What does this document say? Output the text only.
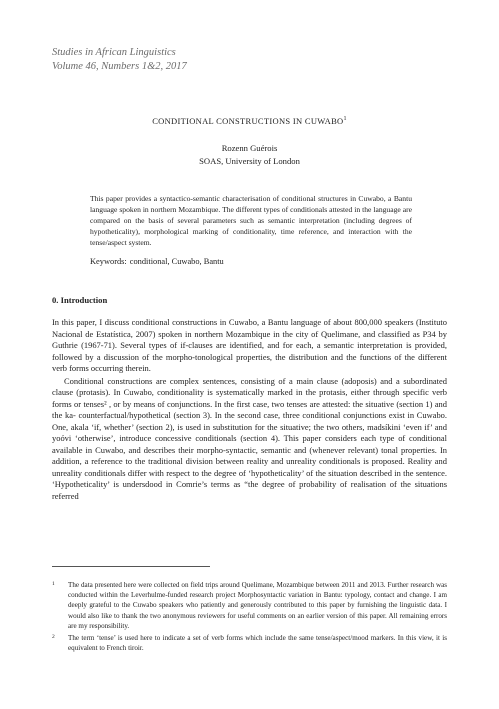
Studies in African Linguistics
Volume 46, Numbers 1&2, 2017
CONDITIONAL CONSTRUCTIONS IN CUWABO$^1$
Rozenn Guérois
SOAS, University of London
This paper provides a syntactico-semantic characterisation of conditional structures in Cuwabo, a Bantu language spoken in northern Mozambique. The different types of conditionals attested in the language are compared on the basis of several parameters such as semantic interpretation (including degrees of hypotheticality), morphological marking of conditionality, time reference, and interaction with the tense/aspect system.
Keywords: conditional, Cuwabo, Bantu
0. Introduction

In this paper, I discuss conditional constructions in Cuwabo, a Bantu language of about 800,000 speakers (Instituto Nacional de Estatística, 2007) spoken in northern Mozambique in the city of Quelimane, and classified as P34 by Guthrie (1967-71). Several types of if-clauses are identified, and for each, a semantic interpretation is provided, followed by a discussion of the morpho-tonological properties, the distribution and the functions of the different verb forms occurring therein.

Conditional constructions are complex sentences, consisting of a main clause (adoposis) and a subordinated clause (protasis). In Cuwabo, conditionality is systematically marked in the protasis, either through specific verb forms or tenses² , or by means of conjunctions. In the first case, two tenses are attested: the situative (section 1) and the ka- counterfactual/hypothetical (section 3). In the second case, three conditional conjunctions exist in Cuwabo. One, akala ‘if, whether’ (section 2), is used in substitution for the situative; the two others, madsíkini ‘even if’ and yoóvi ‘otherwise’, introduce concessive conditionals (section 4). This paper considers each type of conditional available in Cuwabo, and describes their morpho-syntactic, semantic and (whenever relevant) tonal properties. In addition, a reference to the traditional division between reality and unreality conditionals is proposed. Reality and unreality conditionals differ with respect to the degree of ‘hypotheticality’ of the situation described in the sentence. ‘Hypotheticality’ is undersdood in Comrie’s terms as “the degree of probability of realisation of the situations referred

1 The data presented here were collected on field trips around Quelimane, Mozambique between 2011 and 2013. Further research was conducted within the Leverhulme-funded research project Morphosyntactic variation in Bantu: typology, contact and change. I am deeply grateful to the Cuwabo speakers who patiently and generously contributed to this paper by furnishing the linguistic data. I would also like to thank the two anonymous reviewers for useful comments on an earlier version of this paper. All remaining errors are my responsibility.
2 The term ‘tense’ is used here to indicate a set of verb forms which include the same tense/aspect/mood markers. In this view, it is equivalent to French tiroir.
